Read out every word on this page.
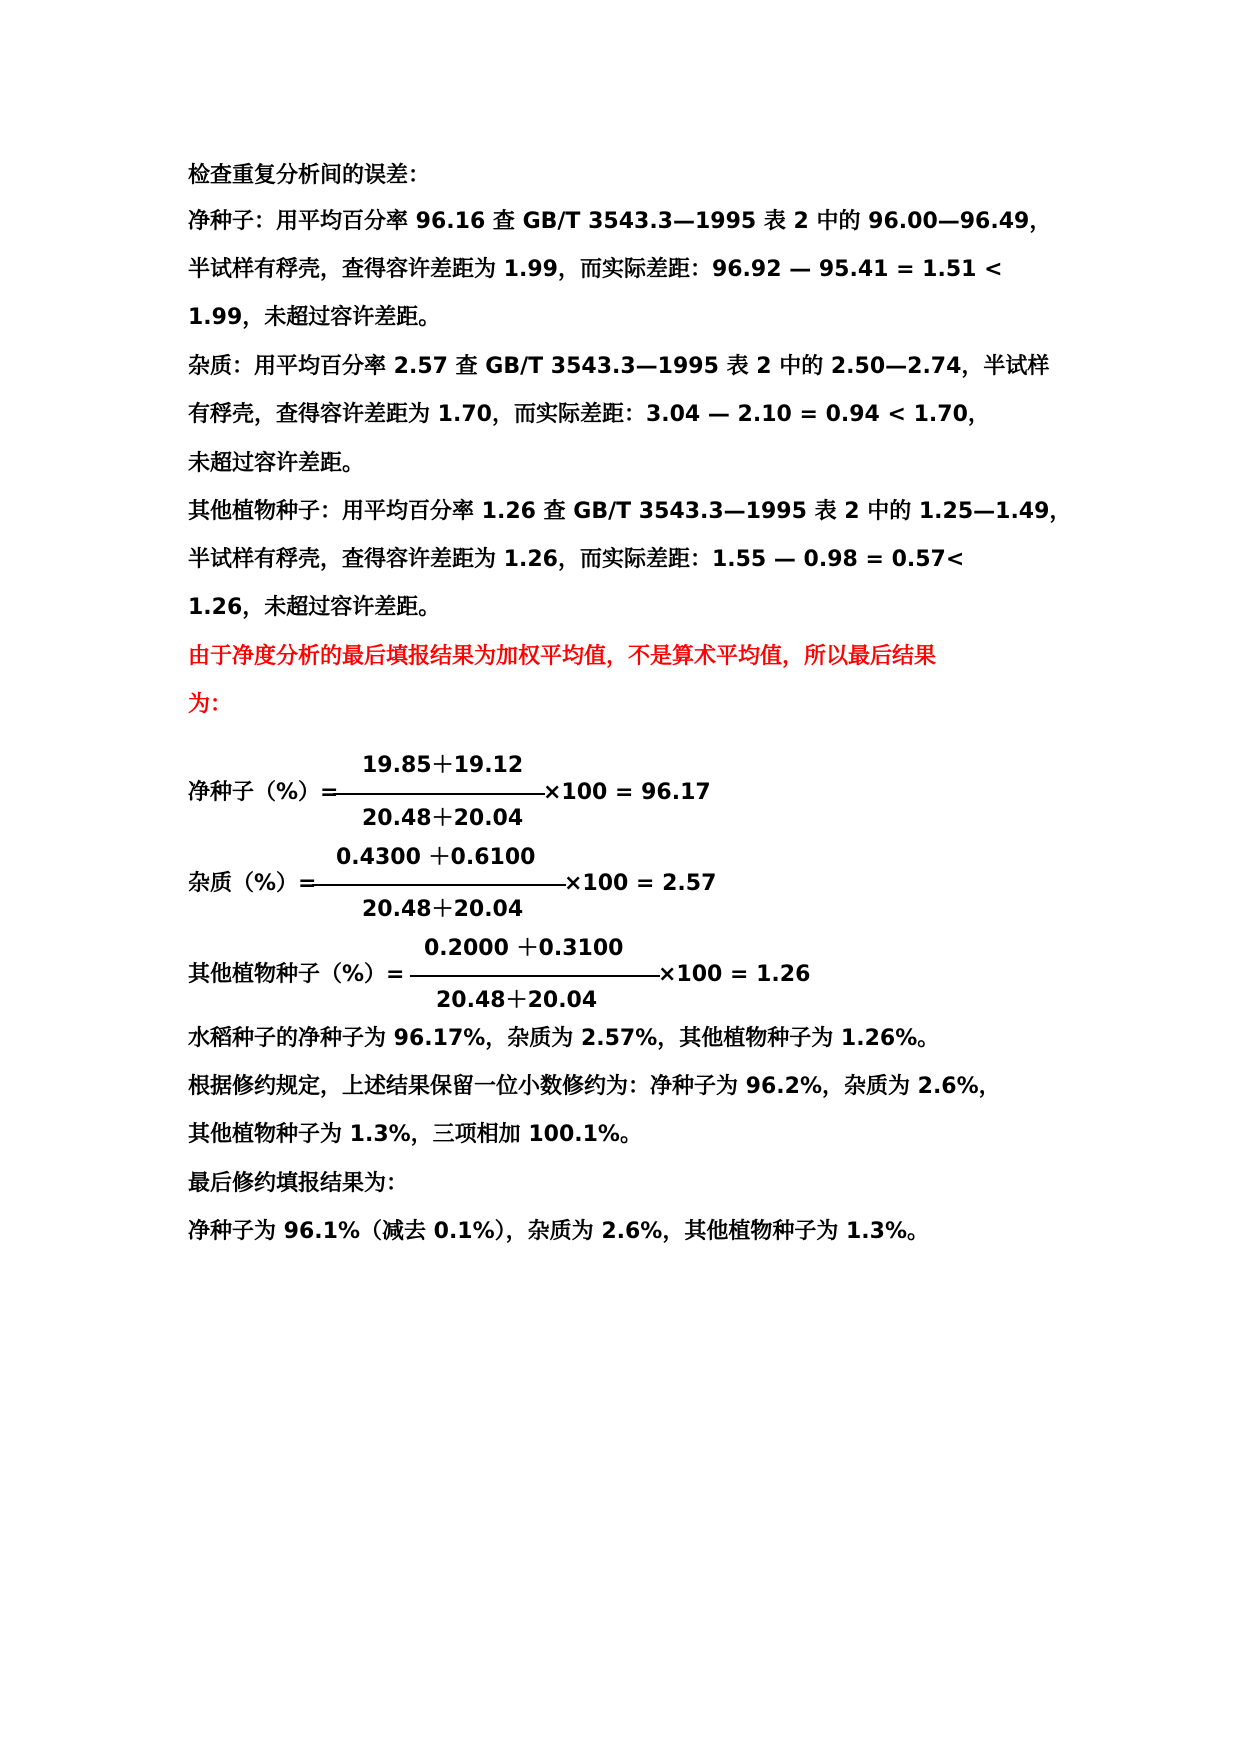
检查重复分析间的误差：
净种子：用平均百分率 96.16 查 GB/T 3543.3—1995 表 2 中的 96.00—96.49，
半试样有稃壳，查得容许差距为 1.99，而实际差距：96.92 — 95.41 = 1.51 <
1.99，未超过容许差距。
杂质：用平均百分率 2.57 查 GB/T 3543.3—1995 表 2 中的 2.50—2.74，半试样
有稃壳，查得容许差距为 1.70，而实际差距：3.04 — 2.10 = 0.94 < 1.70，
未超过容许差距。
其他植物种子：用平均百分率 1.26 查 GB/T 3543.3—1995 表 2 中的 1.25—1.49，
半试样有稃壳，查得容许差距为 1.26，而实际差距：1.55 — 0.98 = 0.57<
1.26，未超过容许差距。
由于净度分析的最后填报结果为加权平均值，不是算术平均值，所以最后结果
为：
19.85＋19.12
净种子（%）=	×100 = 96.17
20.48＋20.04
0.4300 ＋0.6100
杂质（%）=	×100 = 2.57
20.48＋20.04
0.2000 ＋0.3100
其他植物种子（%）=	×100 = 1.26
20.48＋20.04
水稻种子的净种子为 96.17%，杂质为 2.57%，其他植物种子为 1.26%。
根据修约规定，上述结果保留一位小数修约为：净种子为 96.2%，杂质为 2.6%，
其他植物种子为 1.3%，三项相加 100.1%。
最后修约填报结果为：
净种子为 96.1%（减去 0.1%），杂质为 2.6%，其他植物种子为 1.3%。
